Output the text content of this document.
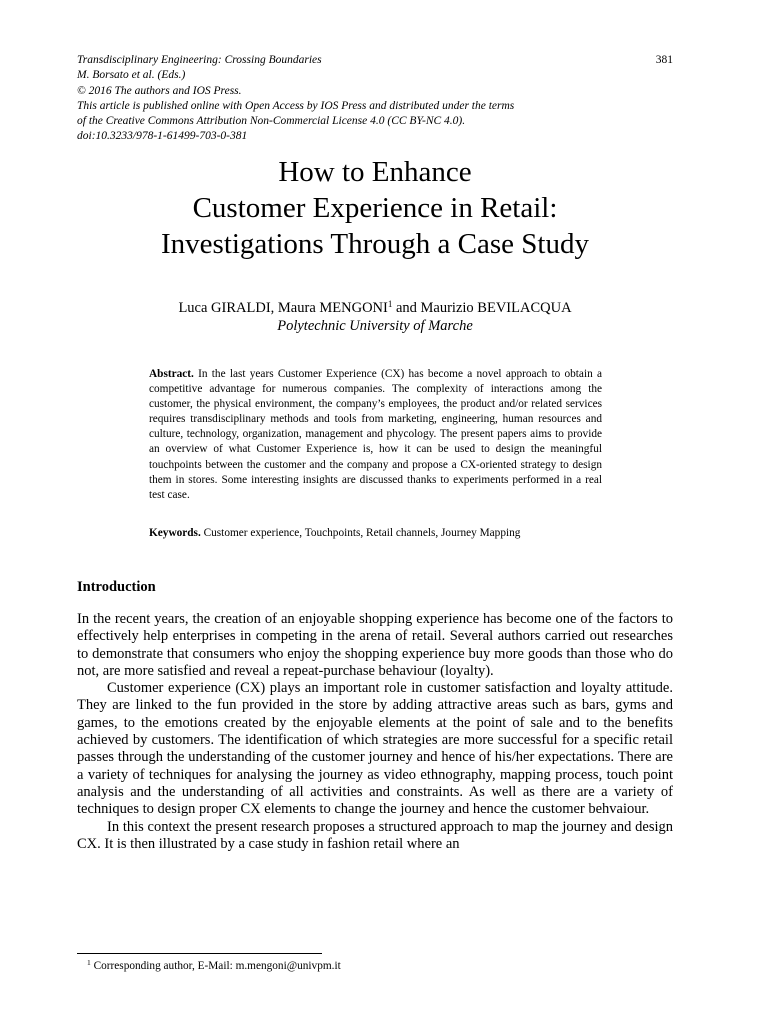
381
Transdisciplinary Engineering: Crossing Boundaries
M. Borsato et al. (Eds.)
© 2016 The authors and IOS Press.
This article is published online with Open Access by IOS Press and distributed under the terms
of the Creative Commons Attribution Non-Commercial License 4.0 (CC BY-NC 4.0).
doi:10.3233/978-1-61499-703-0-381
How to Enhance
Customer Experience in Retail:
Investigations Through a Case Study
Luca GIRALDI, Maura MENGONI$^1$ and Maurizio BEVILACQUA
Polytechnic University of Marche
Abstract. In the last years Customer Experience (CX) has become a novel approach to obtain a competitive advantage for numerous companies. The complexity of interactions among the customer, the physical environment, the company’s employees, the product and/or related services requires transdisciplinary methods and tools from marketing, engineering, human resources and culture, technology, organization, management and phycology. The present papers aims to provide an overview of what Customer Experience is, how it can be used to design the meaningful touchpoints between the customer and the company and propose a CX-oriented strategy to design them in stores. Some interesting insights are discussed thanks to experiments performed in a real test case.
Keywords. Customer experience, Touchpoints, Retail channels, Journey Mapping
Introduction

In the recent years, the creation of an enjoyable shopping experience has become one of the factors to effectively help enterprises in competing in the arena of retail. Several authors carried out researches to demonstrate that consumers who enjoy the shopping experience buy more goods than those who do not, are more satisfied and reveal a repeat-purchase behaviour (loyalty).

Customer experience (CX) plays an important role in customer satisfaction and loyalty attitude. They are linked to the fun provided in the store by adding attractive areas such as bars, gyms and games, to the emotions created by the enjoyable elements at the point of sale and to the benefits achieved by customers. The identification of which strategies are more successful for a specific retail passes through the understanding of the customer journey and hence of his/her expectations. There are a variety of techniques for analysing the journey as video ethnography, mapping process, touch point analysis and the understanding of all activities and constraints. As well as there are a variety of techniques to design proper CX elements to change the journey and hence the customer behvaiour.

In this context the present research proposes a structured approach to map the journey and design CX. It is then illustrated by a case study in fashion retail where an

$^1$ Corresponding author, E-Mail: m.mengoni@univpm.it
